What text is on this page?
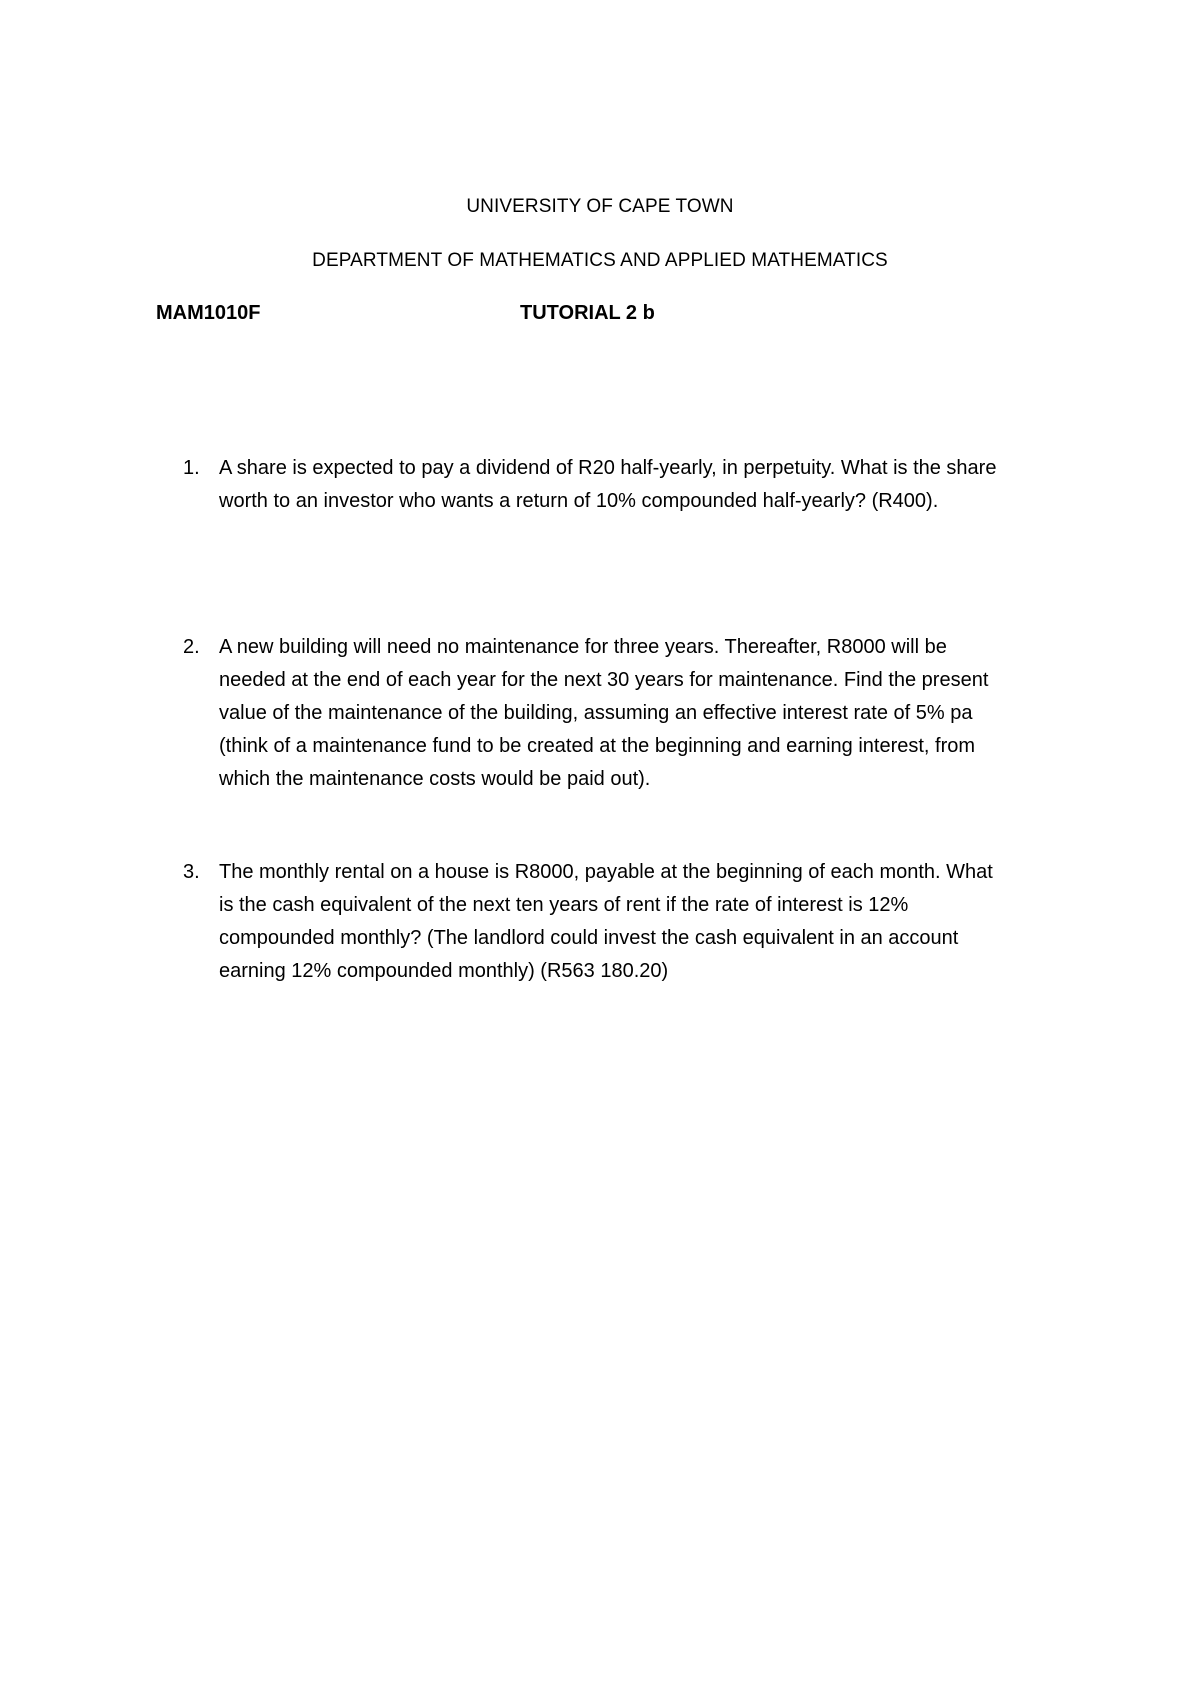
UNIVERSITY OF CAPE TOWN
DEPARTMENT OF MATHEMATICS AND APPLIED MATHEMATICS
MAM1010F	TUTORIAL 2 b
1. A share is expected to pay a dividend of R20 half-yearly, in perpetuity. What is the share worth to an investor who wants a return of 10% compounded half-yearly? (R400).
2. A new building will need no maintenance for three years. Thereafter, R8000 will be needed at the end of each year for the next 30 years for maintenance. Find the present value of the maintenance of the building, assuming an effective interest rate of 5% pa (think of a maintenance fund to be created at the beginning and earning interest, from which the maintenance costs would be paid out).
3. The monthly rental on a house is R8000, payable at the beginning of each month. What is the cash equivalent of the next ten years of rent if the rate of interest is 12% compounded monthly? (The landlord could invest the cash equivalent in an account earning 12% compounded monthly) (R563 180.20)
